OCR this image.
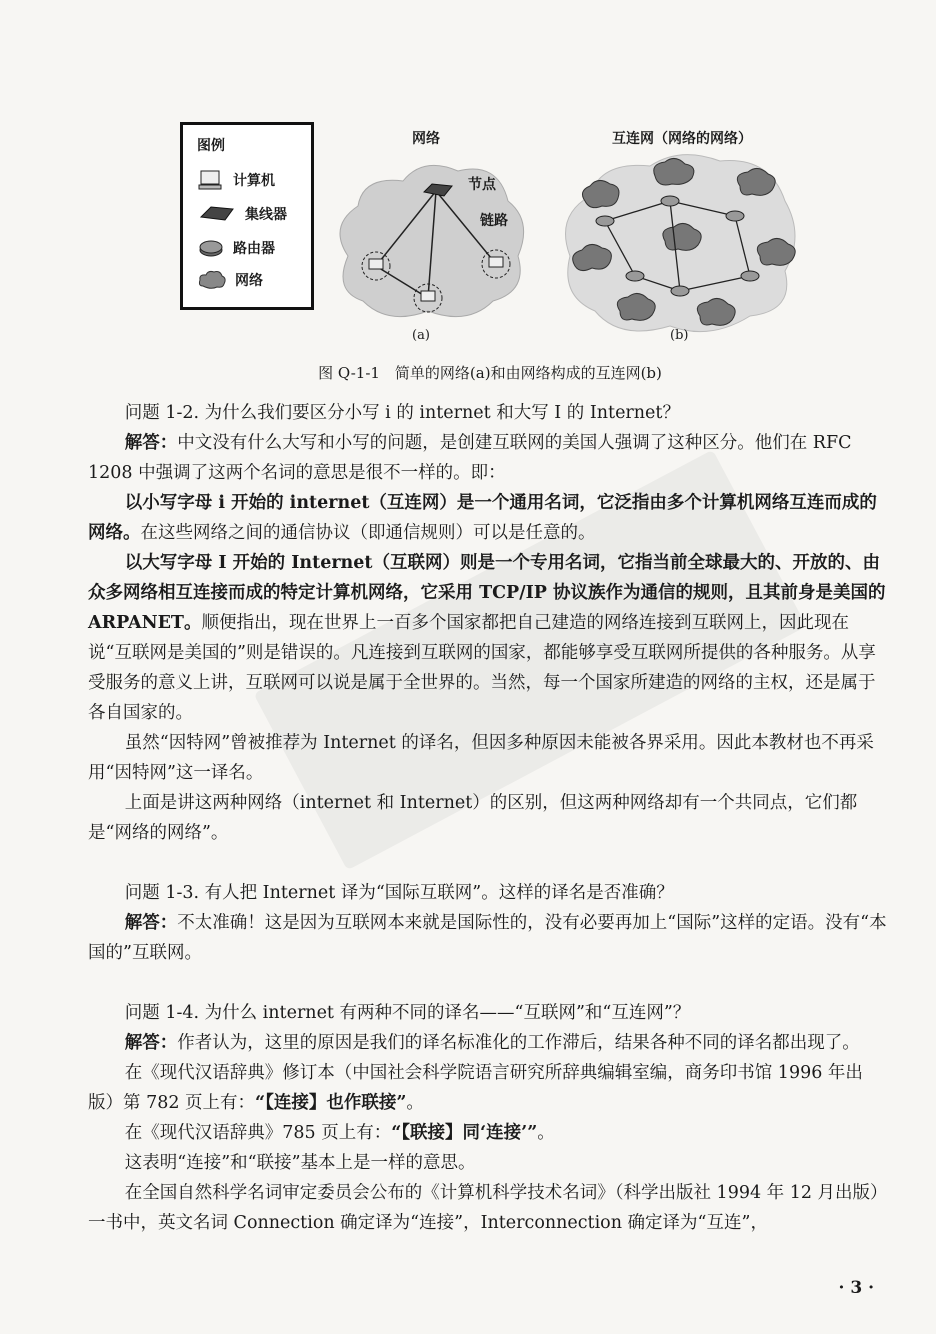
图例
计算机
集线器
路由器
网络
网络
节点
链路
(a)
互连网（网络的网络）
(b)
图 Q-1-1　简单的网络(a)和由网络构成的互连网(b)

问题 1-2. 为什么我们要区分小写 i 的 internet 和大写 I 的 Internet？

解答：中文没有什么大写和小写的问题，是创建互联网的美国人强调了这种区分。他们在 RFC 1208 中强调了这两个名词的意思是很不一样的。即：

以小写字母 i 开始的 internet（互连网）是一个通用名词，它泛指由多个计算机网络互连而成的网络。在这些网络之间的通信协议（即通信规则）可以是任意的。

以大写字母 I 开始的 Internet（互联网）则是一个专用名词，它指当前全球最大的、开放的、由众多网络相互连接而成的特定计算机网络，它采用 TCP/IP 协议族作为通信的规则，且其前身是美国的 ARPANET。顺便指出，现在世界上一百多个国家都把自己建造的网络连接到互联网上，因此现在说“互联网是美国的”则是错误的。凡连接到互联网的国家，都能够享受互联网所提供的各种服务。从享受服务的意义上讲，互联网可以说是属于全世界的。当然，每一个国家所建造的网络的主权，还是属于各自国家的。

虽然“因特网”曾被推荐为 Internet 的译名，但因多种原因未能被各界采用。因此本教材也不再采用“因特网”这一译名。

上面是讲这两种网络（internet 和 Internet）的区别，但这两种网络却有一个共同点，它们都是“网络的网络”。

问题 1-3. 有人把 Internet 译为“国际互联网”。这样的译名是否准确？

解答：不太准确！这是因为互联网本来就是国际性的，没有必要再加上“国际”这样的定语。没有“本国的”互联网。

问题 1-4. 为什么 internet 有两种不同的译名——“互联网”和“互连网”？

解答：作者认为，这里的原因是我们的译名标准化的工作滞后，结果各种不同的译名都出现了。

在《现代汉语辞典》修订本（中国社会科学院语言研究所辞典编辑室编，商务印书馆 1996 年出版）第 782 页上有：“【连接】也作联接”。

在《现代汉语辞典》785 页上有：“【联接】同‘连接’”。

这表明“连接”和“联接”基本上是一样的意思。

在全国自然科学名词审定委员会公布的《计算机科学技术名词》（科学出版社 1994 年 12 月出版）一书中，英文名词 Connection 确定译为“连接”，Interconnection 确定译为“互连”，

· 3 ·
